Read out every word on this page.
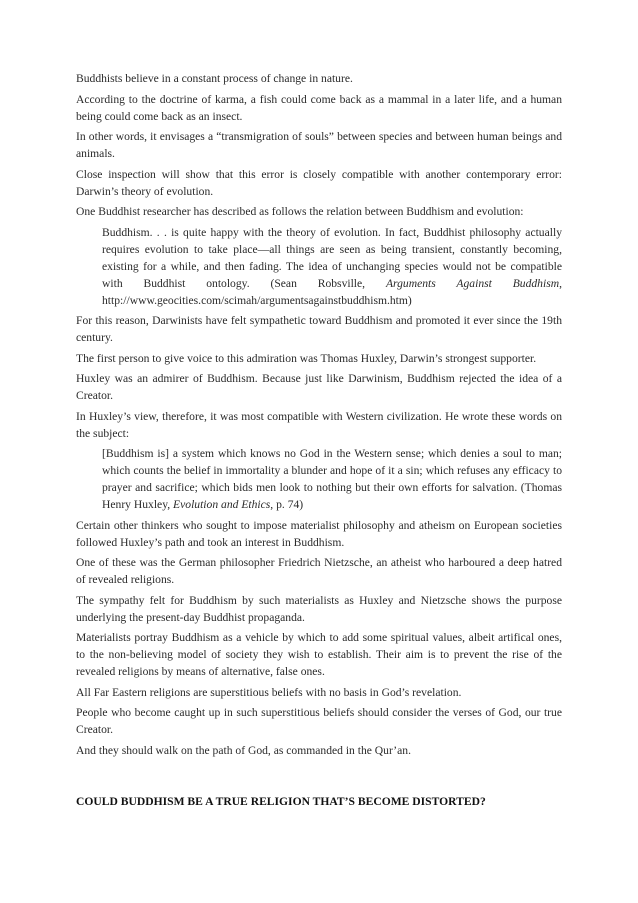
Buddhists believe in a constant process of change in nature.

According to the doctrine of karma, a fish could come back as a mammal in a later life, and a human being could come back as an insect.

In other words, it envisages a “transmigration of souls” between species and between human beings and animals.

Close inspection will show that this error is closely compatible with another contemporary error: Darwin’s theory of evolution.

One Buddhist researcher has described as follows the relation between Buddhism and evolution:

Buddhism. . . is quite happy with the theory of evolution. In fact, Buddhist philosophy actually requires evolution to take place—all things are seen as being transient, constantly becoming, existing for a while, and then fading. The idea of unchanging species would not be compatible with Buddhist ontology. (Sean Robsville, Arguments Against Buddhism, http://www.geocities.com/scimah/argumentsagainstbuddhism.htm)

For this reason, Darwinists have felt sympathetic toward Buddhism and promoted it ever since the 19th century.

The first person to give voice to this admiration was Thomas Huxley, Darwin’s strongest supporter.

Huxley was an admirer of Buddhism. Because just like Darwinism, Buddhism rejected the idea of a Creator.

In Huxley’s view, therefore, it was most compatible with Western civilization. He wrote these words on the subject:

[Buddhism is] a system which knows no God in the Western sense; which denies a soul to man; which counts the belief in immortality a blunder and hope of it a sin; which refuses any efficacy to prayer and sacrifice; which bids men look to nothing but their own efforts for salvation. (Thomas Henry Huxley, Evolution and Ethics, p. 74)

Certain other thinkers who sought to impose materialist philosophy and atheism on European societies followed Huxley’s path and took an interest in Buddhism.

One of these was the German philosopher Friedrich Nietzsche, an atheist who harboured a deep hatred of revealed religions.

The sympathy felt for Buddhism by such materialists as Huxley and Nietzsche shows the purpose underlying the present-day Buddhist propaganda.

Materialists portray Buddhism as a vehicle by which to add some spiritual values, albeit artifical ones, to the non-believing model of society they wish to establish. Their aim is to prevent the rise of the revealed religions by means of alternative, false ones.

All Far Eastern religions are superstitious beliefs with no basis in God’s revelation.

People who become caught up in such superstitious beliefs should consider the verses of God, our true Creator.

And they should walk on the path of God, as commanded in the Qur’an.

COULD BUDDHISM BE A TRUE RELIGION THAT’S BECOME DISTORTED?
